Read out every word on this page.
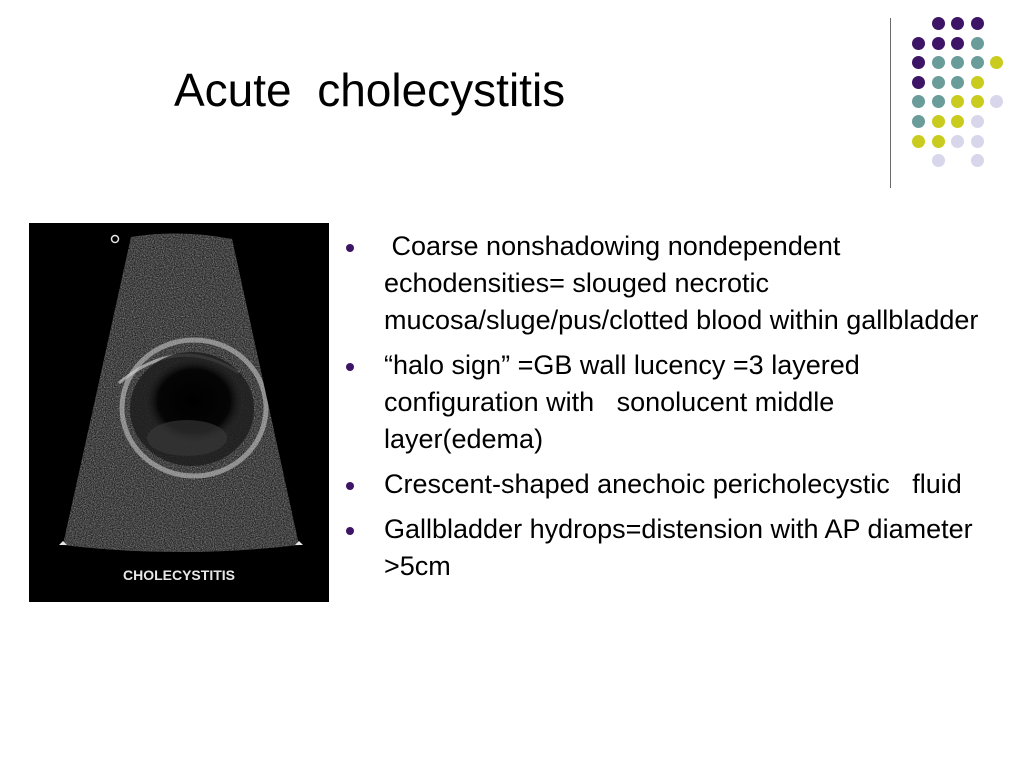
Acute  cholecystitis
CHOLECYSTITIS
Coarse nonshadowing nondependent echodensities= slouged necrotic mucosa/sluge/pus/clotted blood within gallbladder
“halo sign” =GB wall lucency =3 layered configuration with   sonolucent middle layer(edema)
Crescent-shaped anechoic pericholecystic   fluid
Gallbladder hydrops=distension with AP diameter >5cm
